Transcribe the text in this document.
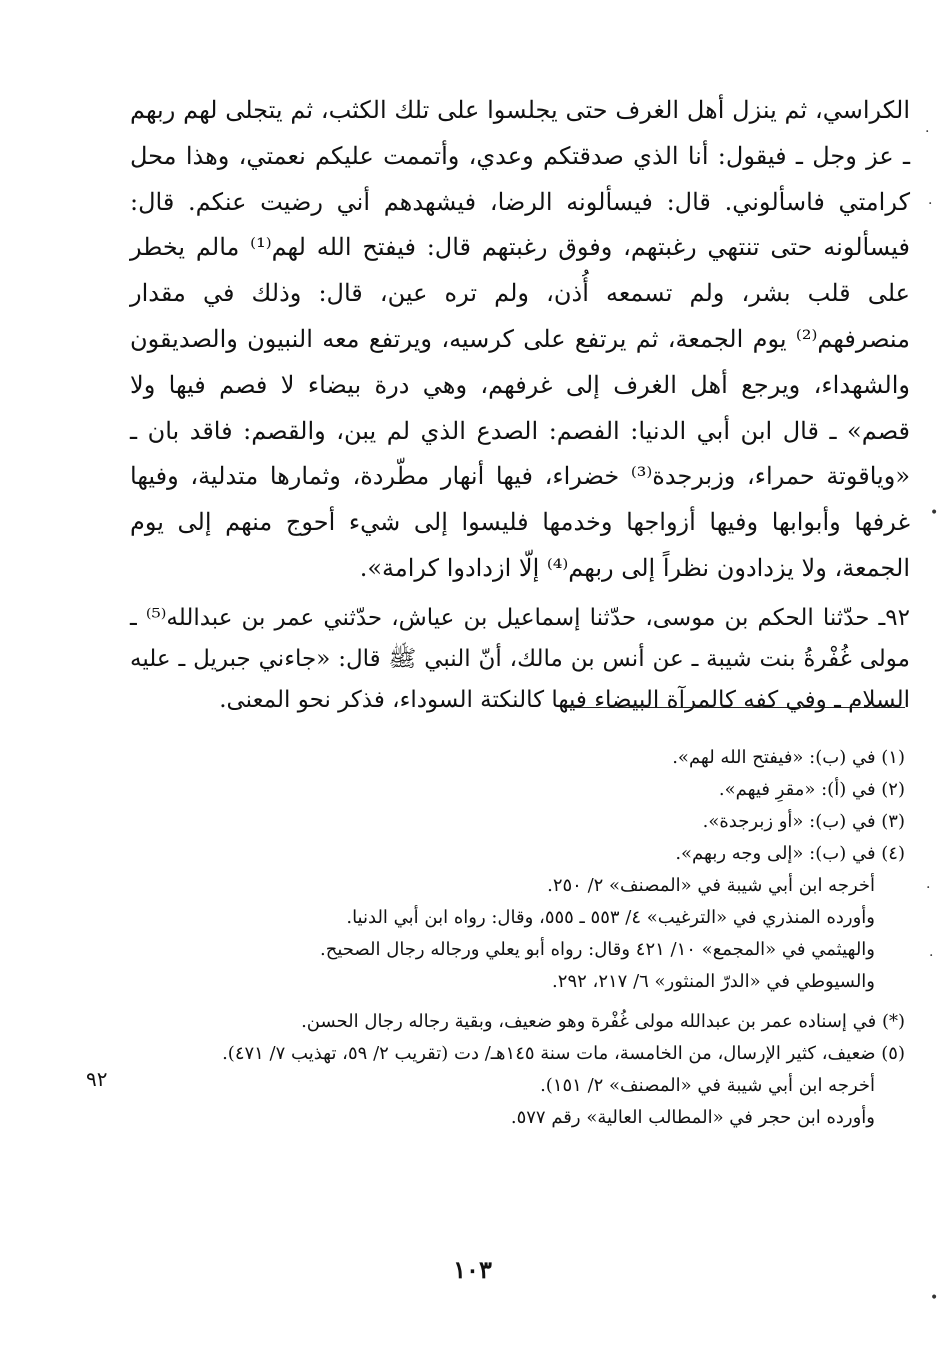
الكراسي، ثم ينزل أهل الغرف حتى يجلسوا على تلك الكثب، ثم يتجلى لهم ربهم ـ عز وجل ـ فيقول: أنا الذي صدقتكم وعدي، وأتممت عليكم نعمتي، وهذا محل كرامتي فاسألوني. قال: فيسألونه الرضا، فيشهدهم أني رضيت عنكم. قال: فيسألونه حتى تنتهي رغبتهم، وفوق رغبتهم قال: فيفتح الله لهم⁽¹⁾ مالم يخطر على قلب بشر، ولم تسمعه أُذن، ولم تره عين، قال: وذلك في مقدار منصرفهم⁽²⁾ يوم الجمعة، ثم يرتفع على كرسيه، ويرتفع معه النبيون والصديقون والشهداء، ويرجع أهل الغرف إلى غرفهم، وهي درة بيضاء لا فصم فيها ولا قصم» ـ قال ابن أبي الدنيا: الفصم: الصدع الذي لم يبن، والقصم: فاقد بان ـ «وياقوتة حمراء، وزبرجدة⁽³⁾ خضراء، فيها أنهار مطّردة، وثمارها متدلية، وفيها غرفها وأبوابها وفيها أزواجها وخدمها فليسوا إلى شيء أحوج منهم إلى يوم الجمعة، ولا يزدادون نظراً إلى ربهم⁽⁴⁾ إلّا ازدادوا كرامة».

٩٢ـ حدّثنا الحكم بن موسى، حدّثنا إسماعيل بن عياش، حدّثني عمر بن عبدالله⁽⁵⁾ ـ مولى غُفْرةُ بنت شيبة ـ عن أنس بن مالك، أنّ النبي ﷺ قال: «جاءني جبريل ـ عليه السلام ـ وفي كفه كالمرآة البيضاء فيها كالنكتة السوداء، فذكر نحو المعنى.

(١) في (ب): «فيفتح الله لهم».

(٢) في (أ): «مقرِ فيهم».

(٣) في (ب): «أو زبرجدة».

(٤) في (ب): «إلى وجه ربهم».

أخرجه ابن أبي شيبة في «المصنف» ٢/ ٢٥٠.

وأورده المنذري في «الترغيب» ٤/ ٥٥٣ ـ ٥٥٥، وقال: رواه ابن أبي الدنيا.

والهيثمي في «المجمع» ١٠/ ٤٢١ وقال: رواه أبو يعلي ورجاله رجال الصحيح.

والسيوطي في «الدرّ المنثور» ٦/ ٢١٧، ٢٩٢.

(*) في إسناده عمر بن عبدالله مولى غُفْرة وهو ضعيف، وبقية رجاله رجال الحسن.

(٥) ضعيف، كثير الإرسال، من الخامسة، مات سنة ١٤٥هـ/ دت (تقريب ٢/ ٥٩، تهذيب ٧/ ٤٧١).

أخرجه ابن أبي شيبة في «المصنف» ٢/ ١٥١).

وأورده ابن حجر في «المطالب العالية» رقم ٥٧٧.

٩٢
١٠٣
.
·
•
.
·
•
